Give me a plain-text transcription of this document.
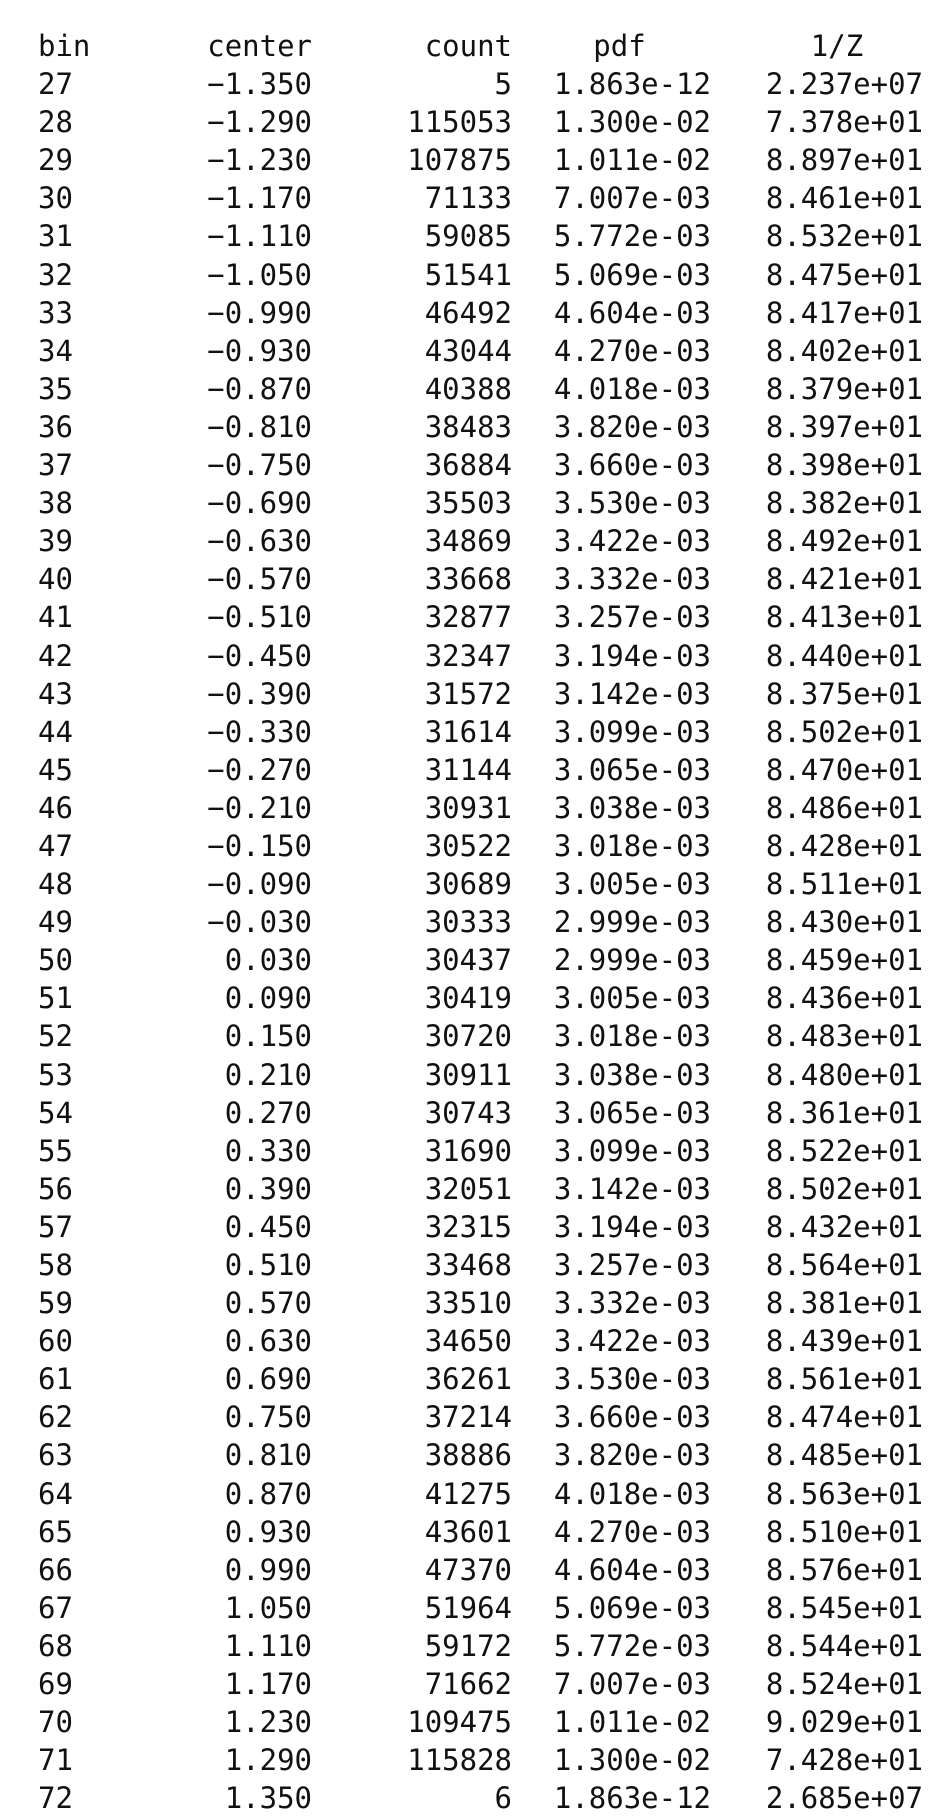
bin	center	count	pdf	1/Z
27	−1.350	5	1.863e-12	2.237e+07
28	−1.290	115053	1.300e-02	7.378e+01
29	−1.230	107875	1.011e-02	8.897e+01
30	−1.170	71133	7.007e-03	8.461e+01
31	−1.110	59085	5.772e-03	8.532e+01
32	−1.050	51541	5.069e-03	8.475e+01
33	−0.990	46492	4.604e-03	8.417e+01
34	−0.930	43044	4.270e-03	8.402e+01
35	−0.870	40388	4.018e-03	8.379e+01
36	−0.810	38483	3.820e-03	8.397e+01
37	−0.750	36884	3.660e-03	8.398e+01
38	−0.690	35503	3.530e-03	8.382e+01
39	−0.630	34869	3.422e-03	8.492e+01
40	−0.570	33668	3.332e-03	8.421e+01
41	−0.510	32877	3.257e-03	8.413e+01
42	−0.450	32347	3.194e-03	8.440e+01
43	−0.390	31572	3.142e-03	8.375e+01
44	−0.330	31614	3.099e-03	8.502e+01
45	−0.270	31144	3.065e-03	8.470e+01
46	−0.210	30931	3.038e-03	8.486e+01
47	−0.150	30522	3.018e-03	8.428e+01
48	−0.090	30689	3.005e-03	8.511e+01
49	−0.030	30333	2.999e-03	8.430e+01
50	0.030	30437	2.999e-03	8.459e+01
51	0.090	30419	3.005e-03	8.436e+01
52	0.150	30720	3.018e-03	8.483e+01
53	0.210	30911	3.038e-03	8.480e+01
54	0.270	30743	3.065e-03	8.361e+01
55	0.330	31690	3.099e-03	8.522e+01
56	0.390	32051	3.142e-03	8.502e+01
57	0.450	32315	3.194e-03	8.432e+01
58	0.510	33468	3.257e-03	8.564e+01
59	0.570	33510	3.332e-03	8.381e+01
60	0.630	34650	3.422e-03	8.439e+01
61	0.690	36261	3.530e-03	8.561e+01
62	0.750	37214	3.660e-03	8.474e+01
63	0.810	38886	3.820e-03	8.485e+01
64	0.870	41275	4.018e-03	8.563e+01
65	0.930	43601	4.270e-03	8.510e+01
66	0.990	47370	4.604e-03	8.576e+01
67	1.050	51964	5.069e-03	8.545e+01
68	1.110	59172	5.772e-03	8.544e+01
69	1.170	71662	7.007e-03	8.524e+01
70	1.230	109475	1.011e-02	9.029e+01
71	1.290	115828	1.300e-02	7.428e+01
72	1.350	6	1.863e-12	2.685e+07
